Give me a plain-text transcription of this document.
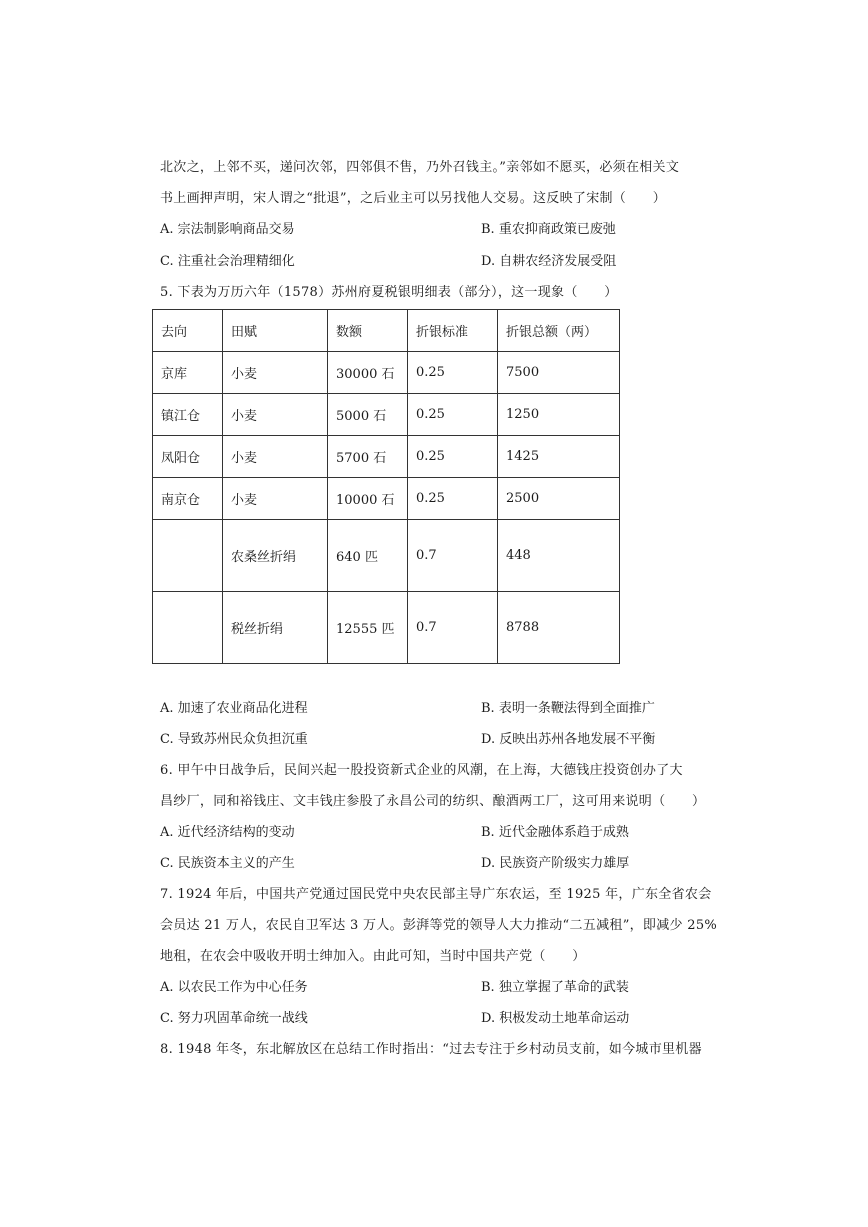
北次之，上邻不买，递问次邻，四邻俱不售，乃外召钱主。”亲邻如不愿买，必须在相关文
书上画押声明，宋人谓之“批退”，之后业主可以另找他人交易。这反映了宋制（　　）
A. 宗法制影响商品交易	B. 重农抑商政策已废弛
C. 注重社会治理精细化	D. 自耕农经济发展受阻
5. 下表为万历六年（1578）苏州府夏税银明细表（部分），这一现象（　　）
去向	田赋	数额	折银标准	折银总额（两）
京库	小麦	30000 石	0.25	7500
镇江仓	小麦	5000 石	0.25	1250
凤阳仓	小麦	5700 石	0.25	1425
南京仓	小麦	10000 石	0.25	2500
	农桑丝折绢	640 匹	0.7	448
	税丝折绢	12555 匹	0.7	8788
A. 加速了农业商品化进程	B. 表明一条鞭法得到全面推广
C. 导致苏州民众负担沉重	D. 反映出苏州各地发展不平衡
6. 甲午中日战争后，民间兴起一股投资新式企业的风潮，在上海，大德钱庄投资创办了大
昌纱厂，同和裕钱庄、文丰钱庄参股了永昌公司的纺织、酿酒两工厂，这可用来说明（　　）
A. 近代经济结构的变动	B. 近代金融体系趋于成熟
C. 民族资本主义的产生	D. 民族资产阶级实力雄厚
7. 1924 年后，中国共产党通过国民党中央农民部主导广东农运，至 1925 年，广东全省农会
会员达 21 万人，农民自卫军达 3 万人。彭湃等党的领导人大力推动“二五减租”，即减少 25%
地租，在农会中吸收开明士绅加入。由此可知，当时中国共产党（　　）
A. 以农民工作为中心任务	B. 独立掌握了革命的武装
C. 努力巩固革命统一战线	D. 积极发动土地革命运动
8. 1948 年冬，东北解放区在总结工作时指出：“过去专注于乡村动员支前，如今城市里机器
